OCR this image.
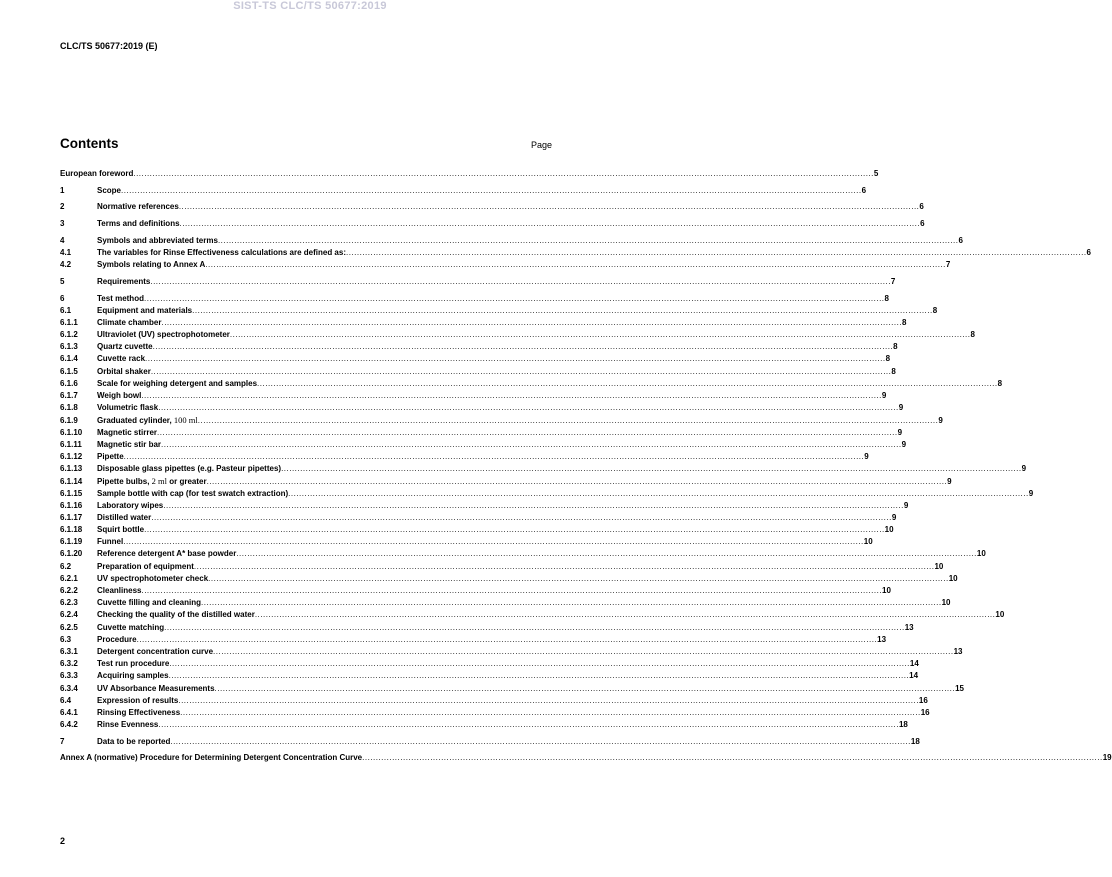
SIST-TS CLC/TS 50677:2019
CLC/TS 50677:2019 (E)
Contents	Page
European foreword .....	5
1	Scope .....	6
2	Normative references .....	6
3	Terms and definitions .....	6
4	Symbols and abbreviated terms .....	6
4.1	The variables for Rinse Effectiveness calculations are defined as: .....	6
4.2	Symbols relating to Annex A .....	7
5	Requirements .....	7
6	Test method .....	8
6.1	Equipment and materials .....	8
6.1.1	Climate chamber .....	8
6.1.2	Ultraviolet (UV) spectrophotometer .....	8
6.1.3	Quartz cuvette .....	8
6.1.4	Cuvette rack .....	8
6.1.5	Orbital shaker .....	8
6.1.6	Scale for weighing detergent and samples .....	8
6.1.7	Weigh bowl .....	9
6.1.8	Volumetric flask .....	9
6.1.9	Graduated cylinder, 100 ml .....	9
6.1.10	Magnetic stirrer .....	9
6.1.11	Magnetic stir bar .....	9
6.1.12	Pipette .....	9
6.1.13	Disposable glass pipettes (e.g. Pasteur pipettes) .....	9
6.1.14	Pipette bulbs, 2 ml or greater .....	9
6.1.15	Sample bottle with cap (for test swatch extraction) .....	9
6.1.16	Laboratory wipes .....	9
6.1.17	Distilled water .....	9
6.1.18	Squirt bottle .....	10
6.1.19	Funnel .....	10
6.1.20	Reference detergent A* base powder .....	10
6.2	Preparation of equipment .....	10
6.2.1	UV spectrophotometer check .....	10
6.2.2	Cleanliness .....	10
6.2.3	Cuvette filling and cleaning .....	10
6.2.4	Checking the quality of the distilled water .....	10
6.2.5	Cuvette matching .....	13
6.3	Procedure .....	13
6.3.1	Detergent concentration curve .....	13
6.3.2	Test run procedure .....	14
6.3.3	Acquiring samples .....	14
6.3.4	UV Absorbance Measurements .....	15
6.4	Expression of results .....	16
6.4.1	Rinsing Effectiveness .....	16
6.4.2	Rinse Evenness .....	18
7	Data to be reported .....	18
Annex A (normative) Procedure for Determining Detergent Concentration Curve .....	19
2
